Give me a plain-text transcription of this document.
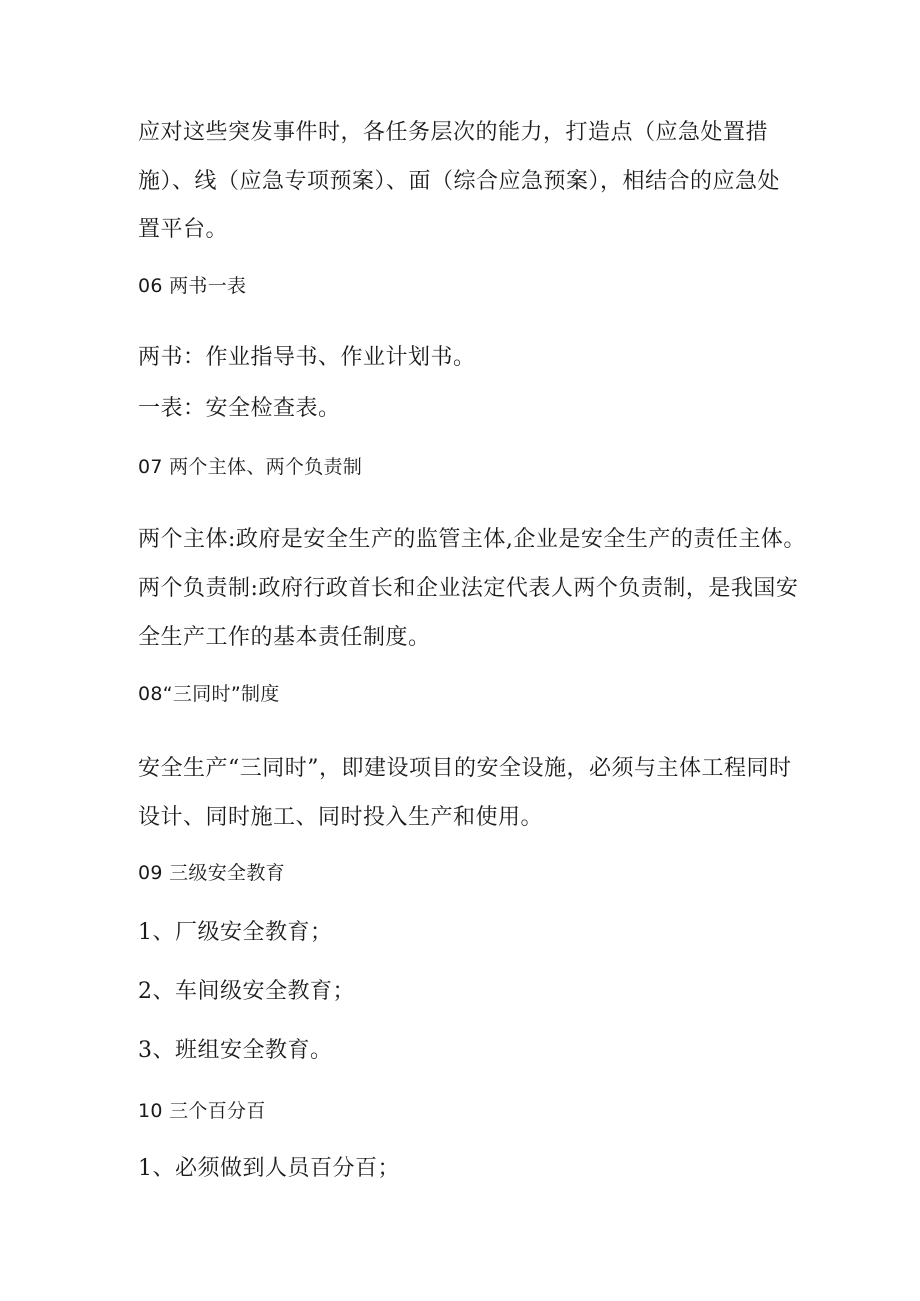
应对这些突发事件时，各任务层次的能力，打造点（应急处置措
施）、线（应急专项预案）、面（综合应急预案），相结合的应急处
置平台。
06 两书一表
两书：作业指导书、作业计划书。
一表：安全检查表。
07 两个主体、两个负责制
两个主体:政府是安全生产的监管主体,企业是安全生产的责任主体。
两个负责制:政府行政首长和企业法定代表人两个负责制，是我国安
全生产工作的基本责任制度。
08“三同时”制度
安全生产“三同时”，即建设项目的安全设施，必须与主体工程同时
设计、同时施工、同时投入生产和使用。
09 三级安全教育
1、厂级安全教育；
2、车间级安全教育；
3、班组安全教育。
10 三个百分百
1、必须做到人员百分百；
